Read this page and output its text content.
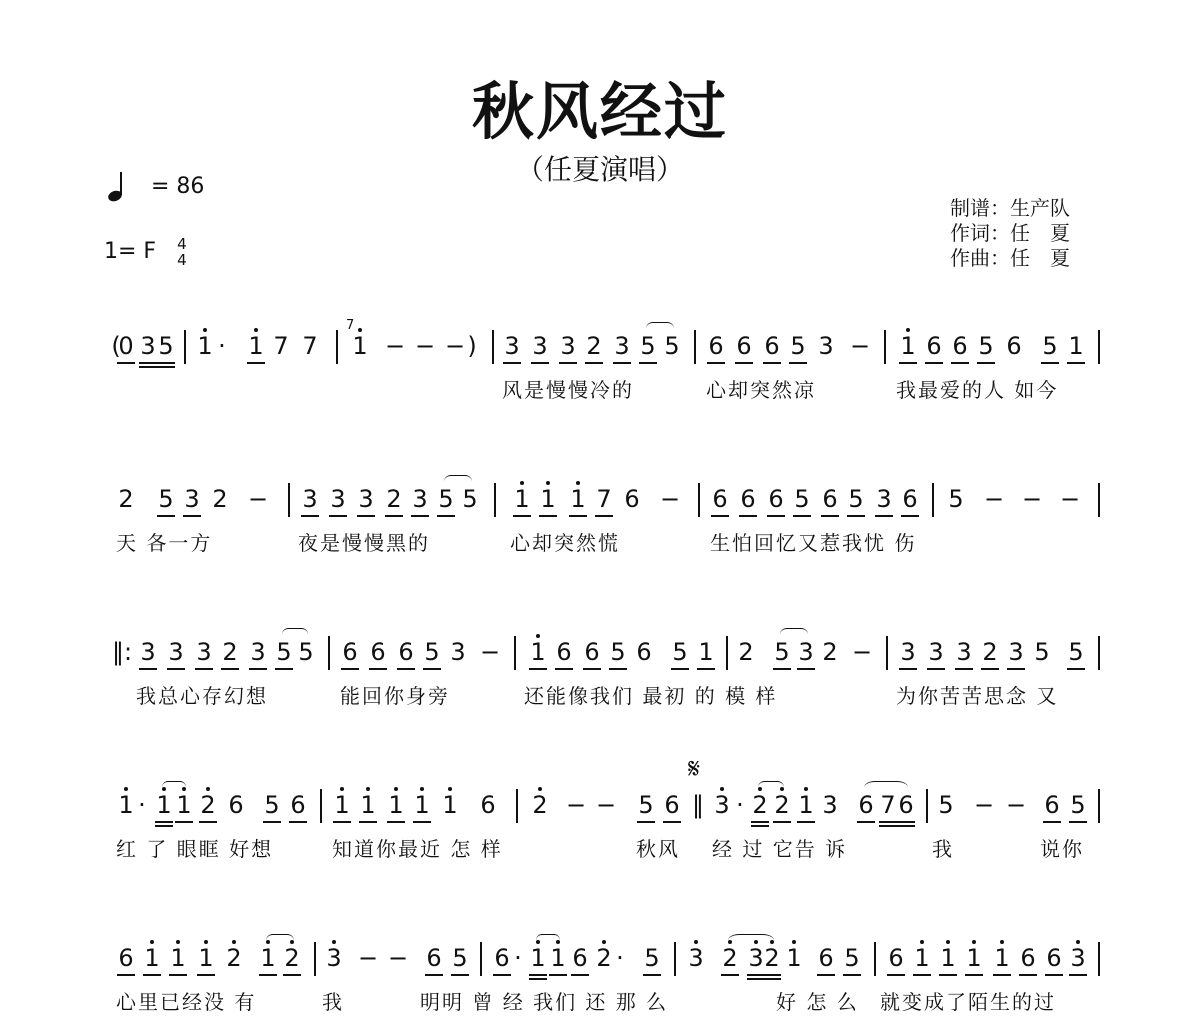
秋风经过
（任夏演唱）
= 86
1= F 4
4
制谱：生产队
作词：任　夏
作曲：任　夏
𝄋
(
0 3 5 1 · 1 7 7 1
7
− − − ) 3 3 3 2 3 5 5 6 6 6 5 3 − 1 6 6 5 6 5 1
风是慢慢冷的	心却突然凉	我最爱的人 如今
2 5 3 2 − 3 3 3 2 3 5 5 1 1 1 7 6 − 6 6 6 5 6 5 3 6 5 − − −
天 各一方	夜是慢慢黑的	心却突然慌	生怕回忆又惹我忧 伤
‖: 3 3 3 2 3 5 5 6 6 6 5 3 − 1 6 6 5 6 5 1 2 5 3 2 − 3 3 3 2 3 5 5
我总心存幻想	能回你身旁	还能像我们 最初 的 模 样	为你苦苦思念 又
1 · 1 1 2 6 5 6 1 1 1 1 1 6 2 − − 5 6 ‖ 3 · 2 2 1 3 6 7 6 5 − − 6 5
红 了 眼眶 好想	知道你最近 怎 样	秋风 经 过 它告 诉	我	说你
6 1 1 1 2 1 2 3 − − 6 5 6 · 1 1 6 2 · 5 3 2 3 2 1 6 5 6 1 1 1 1 6 6 3
心里已经没 有	我	明明 曾 经 我们 还 那 么	好 怎 么 就变成了陌生的过
